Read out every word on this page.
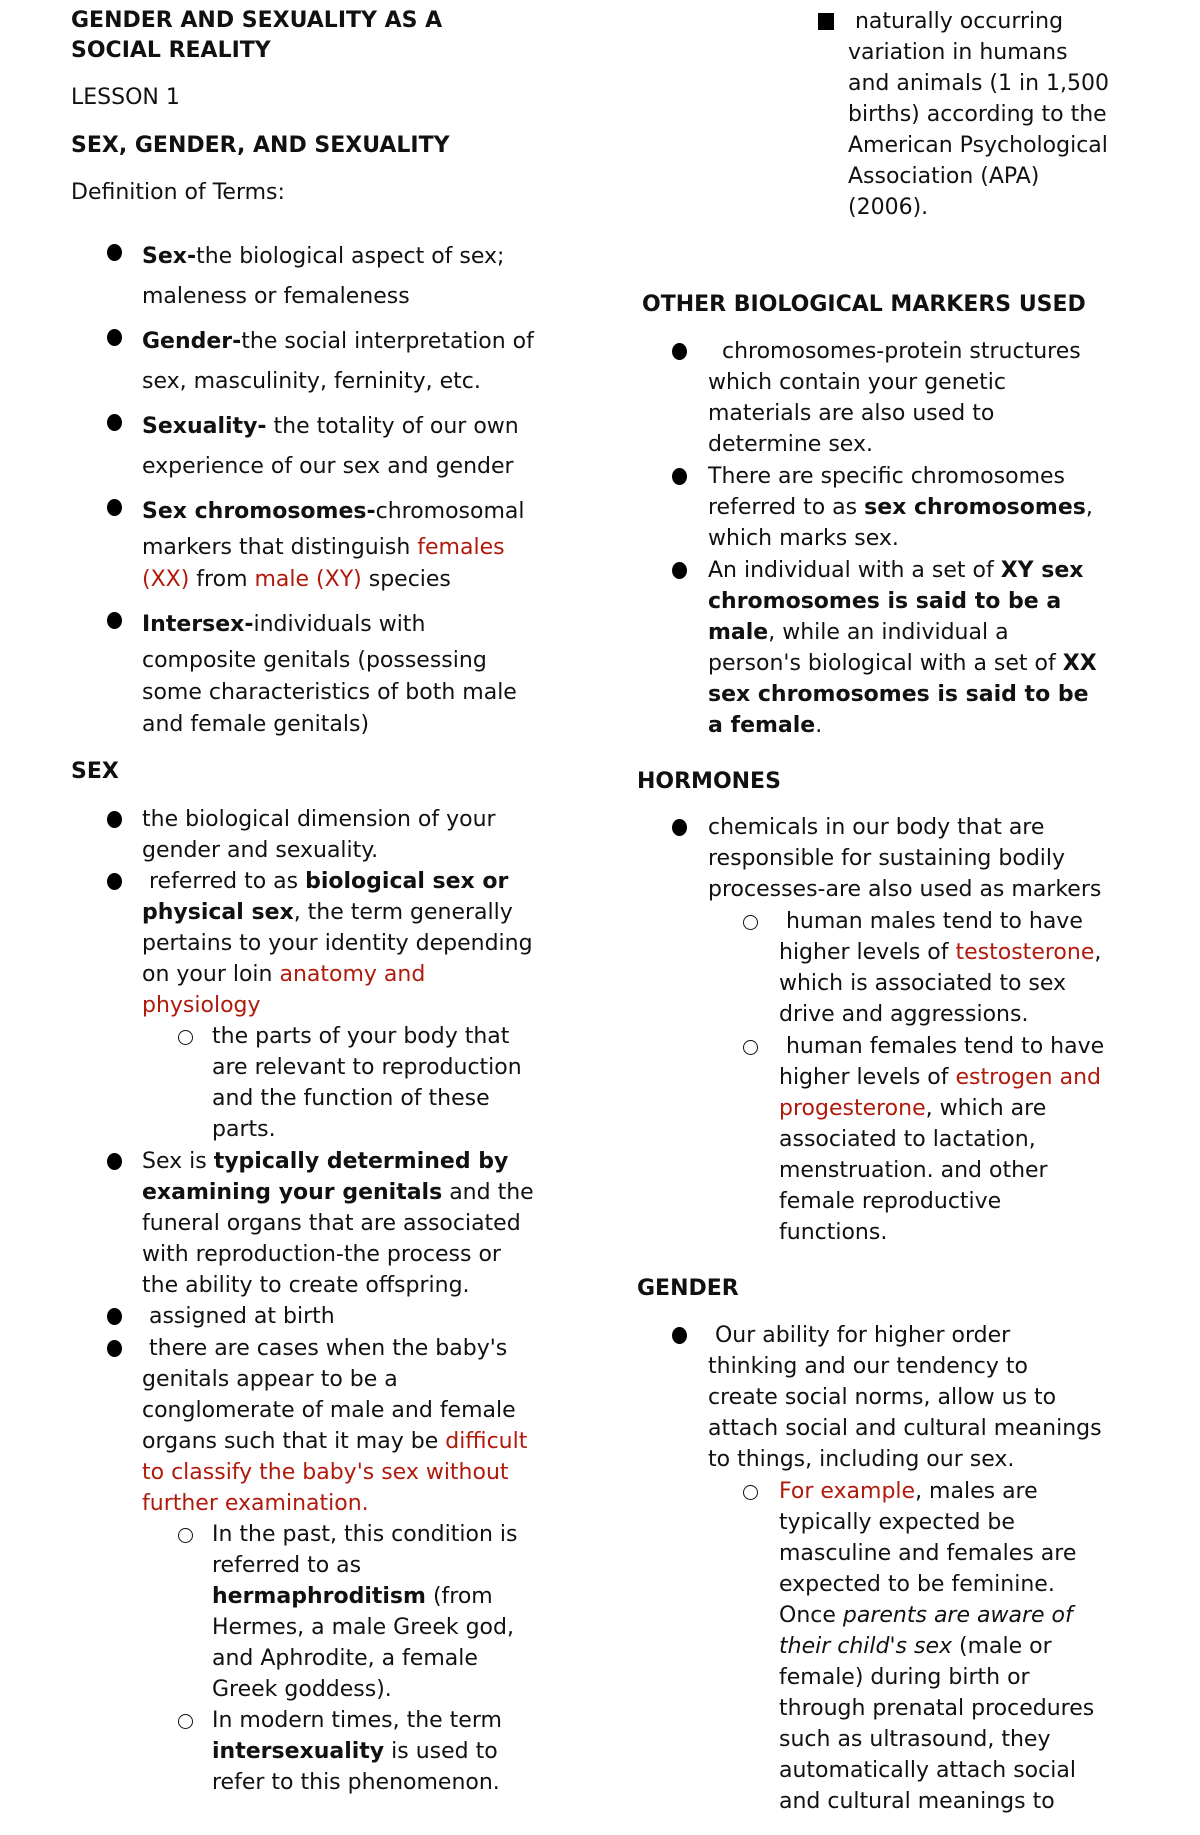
GENDER AND SEXUALITY AS A
SOCIAL REALITY
LESSON 1
SEX, GENDER, AND SEXUALITY
Definition of Terms:
Sex-the biological aspect of sex;
maleness or femaleness
Gender-the social interpretation of
sex, masculinity, ferninity, etc.
Sexuality- the totality of our own
experience of our sex and gender
Sex chromosomes-chromosomal
markers that distinguish females
(XX) from male (XY) species
Intersex-individuals with
composite genitals (possessing
some characteristics of both male
and female genitals)
SEX
the biological dimension of your
gender and sexuality.
referred to as biological sex or
physical sex, the term generally
pertains to your identity depending
on your loin anatomy and
physiology
the parts of your body that
are relevant to reproduction
and the function of these
parts.
Sex is typically determined by
examining your genitals and the
funeral organs that are associated
with reproduction-the process or
the ability to create offspring.
assigned at birth
there are cases when the baby's
genitals appear to be a
conglomerate of male and female
organs such that it may be difficult
to classify the baby's sex without
further examination.
In the past, this condition is
referred to as
hermaphroditism (from
Hermes, a male Greek god,
and Aphrodite, a female
Greek goddess).
In modern times, the term
intersexuality is used to
refer to this phenomenon.
naturally occurring
variation in humans
and animals (1 in 1,500
births) according to the
American Psychological
Association (APA)
(2006).
OTHER BIOLOGICAL MARKERS USED
chromosomes-protein structures
which contain your genetic
materials are also used to
determine sex.
There are specific chromosomes
referred to as sex chromosomes,
which marks sex.
An individual with a set of XY sex
chromosomes is said to be a
male, while an individual a
person's biological with a set of XX
sex chromosomes is said to be
a female.
HORMONES
chemicals in our body that are
responsible for sustaining bodily
processes-are also used as markers
human males tend to have
higher levels of testosterone,
which is associated to sex
drive and aggressions.
human females tend to have
higher levels of estrogen and
progesterone, which are
associated to lactation,
menstruation. and other
female reproductive
functions.
GENDER
Our ability for higher order
thinking and our tendency to
create social norms, allow us to
attach social and cultural meanings
to things, including our sex.
For example, males are
typically expected be
masculine and females are
expected to be feminine.
Once parents are aware of
their child's sex (male or
female) during birth or
through prenatal procedures
such as ultrasound, they
automatically attach social
and cultural meanings to
